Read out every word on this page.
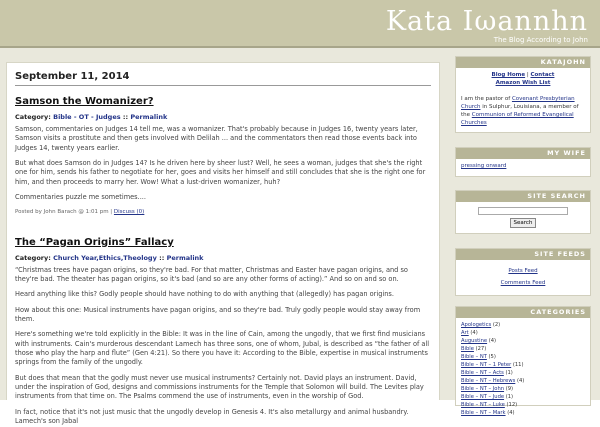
Kata Iωannhn
The Blog According to John
September 11, 2014
Samson the Womanizer?
Category: Bible - OT - Judges :: Permalink

Samson, commentaries on Judges 14 tell me, was a womanizer. That's probably because in Judges 16, twenty years later, Samson visits a prostitute and then gets involved with Delilah ... and the commentators then read those events back into Judges 14, twenty years earlier.

But what does Samson do in Judges 14? Is he driven here by sheer lust? Well, he sees a woman, judges that she's the right one for him, sends his father to negotiate for her, goes and visits her himself and still concludes that she is the right one for him, and then proceeds to marry her. Wow! What a lust-driven womanizer, huh?

Commentaries puzzle me sometimes....

Posted by John Barach @ 1:01 pm | Discuss (0)
The “Pagan Origins” Fallacy
Category: Church Year,Ethics,Theology :: Permalink

“Christmas trees have pagan origins, so they're bad. For that matter, Christmas and Easter have pagan origins, and so they're bad. The theater has pagan origins, so it's bad (and so are any other forms of acting).” And so on and so on.

Heard anything like this? Godly people should have nothing to do with anything that (allegedly) has pagan origins.

How about this one: Musical instruments have pagan origins, and so they're bad. Truly godly people would stay away from them.

Here's something we're told explicitly in the Bible: It was in the line of Cain, among the ungodly, that we first find musicians with instruments. Cain's murderous descendant Lamech has three sons, one of whom, Jubal, is described as “the father of all those who play the harp and flute” (Gen 4:21). So there you have it: According to the Bible, expertise in musical instruments springs from the family of the ungodly.

But does that mean that the godly must never use musical instruments? Certainly not. David plays an instrument. David, under the inspiration of God, designs and commissions instruments for the Temple that Solomon will build. The Levites play instruments from that time on. The Psalms commend the use of instruments, even in the worship of God.

In fact, notice that it's not just music that the ungodly develop in Genesis 4. It's also metallurgy and animal husbandry. Lamech's son Jabal

KATAJOHN
Blog Home | Contact
Amazon Wish List
I am the pastor of Covenant Presbyterian Church in Sulphur, Louisiana, a member of the Communion of Reformed Evangelical Churches
MY WIFE
pressing onward
SITE SEARCH
Search
SITE FEEDS
Posts Feed
Comments Feed
CATEGORIES
Apologetics (2)
Art (4)
Augustine (4)
Bible (27)
Bible – NT (5)
Bible – NT – 1 Peter (11)
Bible – NT – Acts (1)
Bible – NT – Hebrews (4)
Bible – NT – John (9)
Bible – NT – Jude (1)
Bible – NT – Luke (12)
Bible – NT – Mark (4)
